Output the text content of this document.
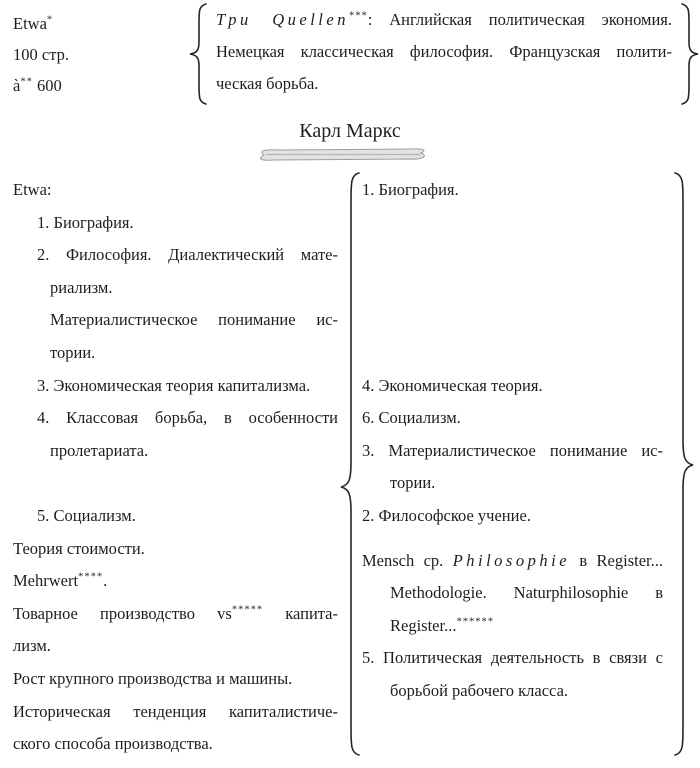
Etwa*
100 стр.
à** 600
Три Quellen***: Английская политическая экономия.
Немецкая классическая философия. Французская полити-
ческая борьба.
Карл Маркс
Etwa:
1. Биография.
2. Философия. Диалектический мате-
риализм.
Материалистическое понимание ис-
тории.
3. Экономическая теория капитализма.
4. Классовая борьба, в особенности
пролетариата.
5. Социализм.
Теория стоимости.
Mehrwert****.
Товарное производство vs***** капита-
лизм.
Рост крупного производства и машины.
Историческая тенденция капиталистиче-
ского способа производства.
1. Биография.
4. Экономическая теория.
6. Социализм.
3. Материалистическое понимание ис-
тории.
2. Философское учение.
Mensch ср. Philosophie в Register...
Methodologie. Naturphilosophie в
Register...******
5. Политическая деятельность в связи с
борьбой рабочего класса.
